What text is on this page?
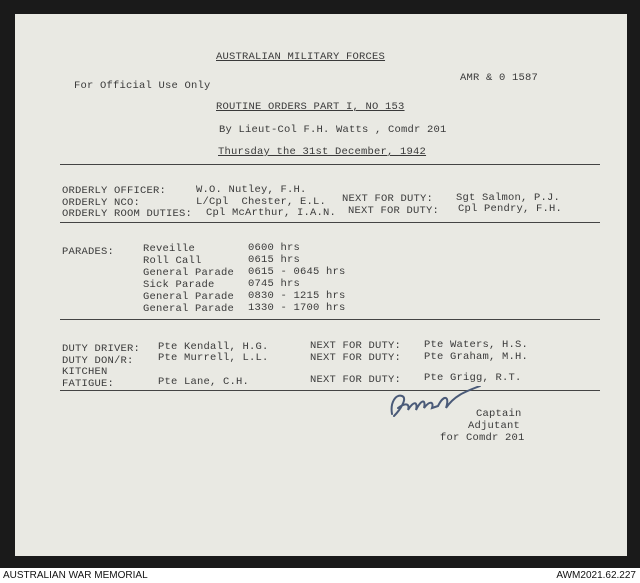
AUSTRALIAN MILITARY FORCES
For Official Use Only
AMR & 0 1587
ROUTINE ORDERS PART I, NO 153
By Lieut-Col F.H. Watts , Comdr 201
Thursday the 31st December, 1942
ORDERLY OFFICER:	W.O. Nutley, F.H.
ORDERLY NCO:	L/Cpl  Chester, E.L. NEXT FOR DUTY: Sgt Salmon, P.J.
ORDERLY ROOM DUTIES: Cpl McArthur, I.A.N. NEXT FOR DUTY: Cpl Pendry, F.H.
PARADES:	Reveille	0600 hrs
Roll Call	0615 hrs
General Parade 0615 - 0645 hrs
Sick Parade	0745 hrs
General Parade 0830 - 1215 hrs
General Parade 1330 - 1700 hrs
DUTY DRIVER: Pte Kendall, H.G.	NEXT FOR DUTY: Pte Waters, H.S.
DUTY DON/R: Pte Murrell, L.L.	NEXT FOR DUTY: Pte Graham, M.H.
KITCHEN
FATIGUE:	Pte Lane, C.H.	NEXT FOR DUTY: Pte Grigg, R.T.
Captain
Adjutant
for Comdr 201
AUSTRALIAN WAR MEMORIAL	AWM2021.62.227
